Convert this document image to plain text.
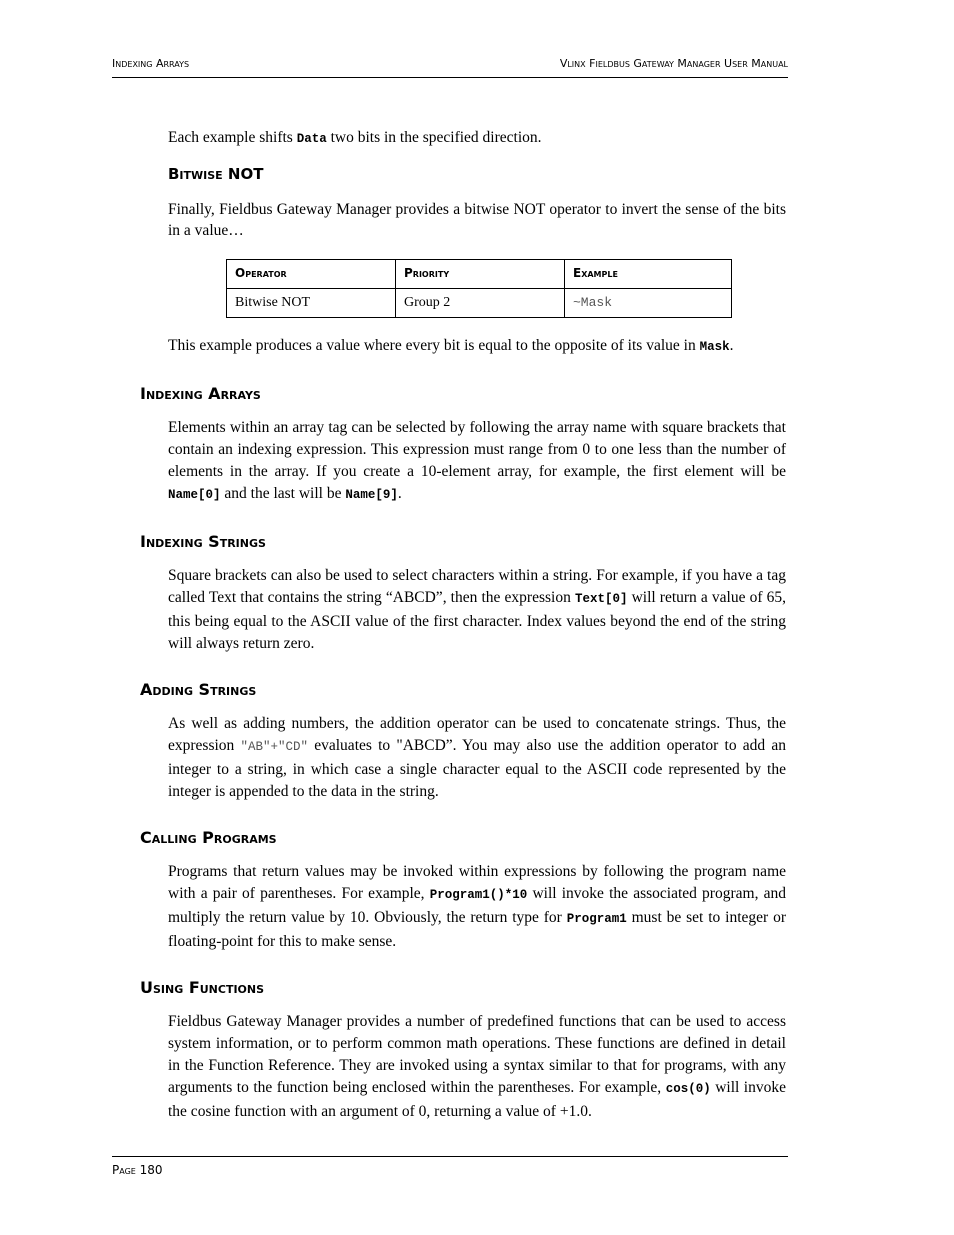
Indexing Arrays	Vlinx Fieldbus Gateway Manager User Manual

Each example shifts Data two bits in the specified direction.

Bitwise NOT

Finally, Fieldbus Gateway Manager provides a bitwise NOT operator to invert the sense of the bits in a value…

Operator	Priority	Example
Bitwise NOT	Group 2	~Mask

This example produces a value where every bit is equal to the opposite of its value in Mask.

Indexing Arrays

Elements within an array tag can be selected by following the array name with square brackets that contain an indexing expression. This expression must range from 0 to one less than the number of elements in the array. If you create a 10-element array, for example, the first element will be Name[0] and the last will be Name[9].

Indexing Strings

Square brackets can also be used to select characters within a string. For example, if you have a tag called Text that contains the string “ABCD”, then the expression Text[0] will return a value of 65, this being equal to the ASCII value of the first character. Index values beyond the end of the string will always return zero.

Adding Strings

As well as adding numbers, the addition operator can be used to concatenate strings. Thus, the expression "AB"+"CD" evaluates to "ABCD”. You may also use the addition operator to add an integer to a string, in which case a single character equal to the ASCII code represented by the integer is appended to the data in the string.

Calling Programs

Programs that return values may be invoked within expressions by following the program name with a pair of parentheses. For example, Program1()*10 will invoke the associated program, and multiply the return value by 10. Obviously, the return type for Program1 must be set to integer or floating-point for this to make sense.

Using Functions

Fieldbus Gateway Manager provides a number of predefined functions that can be used to access system information, or to perform common math operations. These functions are defined in detail in the Function Reference. They are invoked using a syntax similar to that for programs, with any arguments to the function being enclosed within the parentheses. For example, cos(0) will invoke the cosine function with an argument of 0, returning a value of +1.0.

Page 180
